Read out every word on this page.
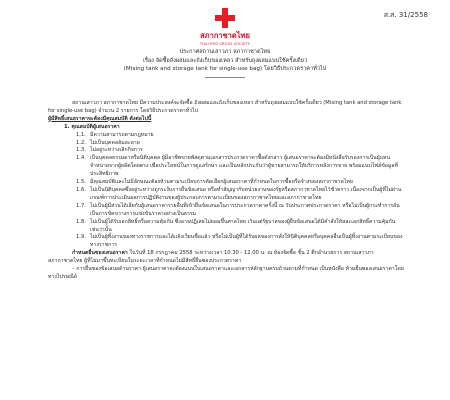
ส.ส. 31/2558
สภากาชาดไทย
THAI RED CROSS SOCIETY
ประกาศสถานเสาวภา สภากาชาดไทย
เรื่อง จัดซื้อถังผสมและถังเก็บของเหลว สำหรับถุงผสมแบบใช้ครั้งเดียว
(Mixing tank and storage tank for single-use bag) โดยวิธีประกวดราคาทั่วไป

สถานเสาวภา สภากาชาดไทย มีความประสงค์จะจัดซื้อ ถังผสมและถังเก็บของเหลว สำหรับถุงผสมแบบใช้ครั้งเดียว (Mixing tank and storage tank for single-use bag) จำนวน 2 รายการ โดยวิธีประกวดราคาทั่วไป

ผู้มีสิทธิ์เสนอราคาจะต้องมีคุณสมบัติ ดังต่อไปนี้

1. คุณสมบัติผู้เสนอราคา

1.1. มีความสามารถตามกฎหมาย
1.2. ไม่เป็นบุคคลล้มละลาย
1.3. ไม่อยู่ระหว่างเลิกกิจการ
1.4. เป็นบุคคลธรรมดาหรือนิติบุคคล ผู้มีอาชีพขายพัสดุตามเอกสารประกวดราคาซื้อดังกล่าว ผู้เสนอราคาจะต้องมีหนังสือรับรองการเป็นผู้แทนจำหน่ายจากผู้ผลิตโดยตรง เพื่อประโยชน์ในการดูแลรักษา และเป็นหลักประกันว่าผู้ขายสามารถให้บริการหลังการขาย พร้อมแนบไฟล์ข้อมูลที่ประสิทธิภาพ
1.5. มีคุณสมบัติและไม่มีลักษณะต้องห้ามตามระเบียบการคัดเลือกผู้เสนอราคาที่กำหนดในการซื้อหรือจ้างของสภากาชาดไทย
1.6. ไม่เป็นนิติบุคคลซึ่งอยู่ระหว่างถูกระงับการยื่นข้อเสนอ หรือทำสัญญากับหน่วยงานของรัฐหรือสภากาชาดไทยไว้ชั่วคราว เนื่องจากเป็นผู้ที่ไม่ผ่านเกณฑ์การประเมินผลการปฏิบัติงานของผู้ประกอบการตามระเบียบของสภากาชาดไทยและสภากาชาดไทย
1.7. ไม่เป็นผู้มีส่วนได้เสียกับผู้เสนอราคารายอื่นที่เข้ายื่นข้อเสนอในการประกวดราคาครั้งนี้ ณ วันประกาศประกวดราคา หรือไม่เป็นผู้กระทำการอันเป็นการขัดขวางการแข่งขันราคาอย่างเป็นธรรม
1.8. ไม่เป็นผู้ได้รับเอกสิทธิ์หรือความคุ้มกัน ซึ่งอาจปฏิเสธไม่ยอมขึ้นศาลไทย เว้นแต่รัฐบาลของผู้ยื่นข้อเสนอได้มีคำสั่งให้สละเอกสิทธิ์ความคุ้มกันเช่นว่านั้น
1.9. ไม่เป็นผู้ทิ้งงานของทางราชการและได้แจ้งเวียนชื่อแล้ว หรือไม่เป็นผู้ที่ได้รับผลของการสั่งให้นิติบุคคลหรือบุคคลอื่นเป็นผู้ทิ้งงานตามระเบียบของทางราชการ

กำหนดยื่นซองเสนอราคา ในวันที่ 18 กรกฎาคม 2558 ระหว่างเวลา 10.30 - 12.00 น. ณ ห้องจัดซื้อ ชั้น 2 ตึกอำนวยการ สถานเสาวภา สภากาชาดไทย ผู้ที่ไม่มาขึ้นทะเบียนในระยะเวลาที่กำหนดไม่มีสิทธิ์ยื่นซองประกวดราคา

– การยื่นซองข้อเสนอด้านราคา ผู้เสนอราคาจะต้องแนบใบเสนอราคาและเอกสารหลักฐานครบถ้วนตามที่กำหนด เป็นหนังสือ ห้ามยื่นซองเสนอราคาโดยทางไปรษณีย์
